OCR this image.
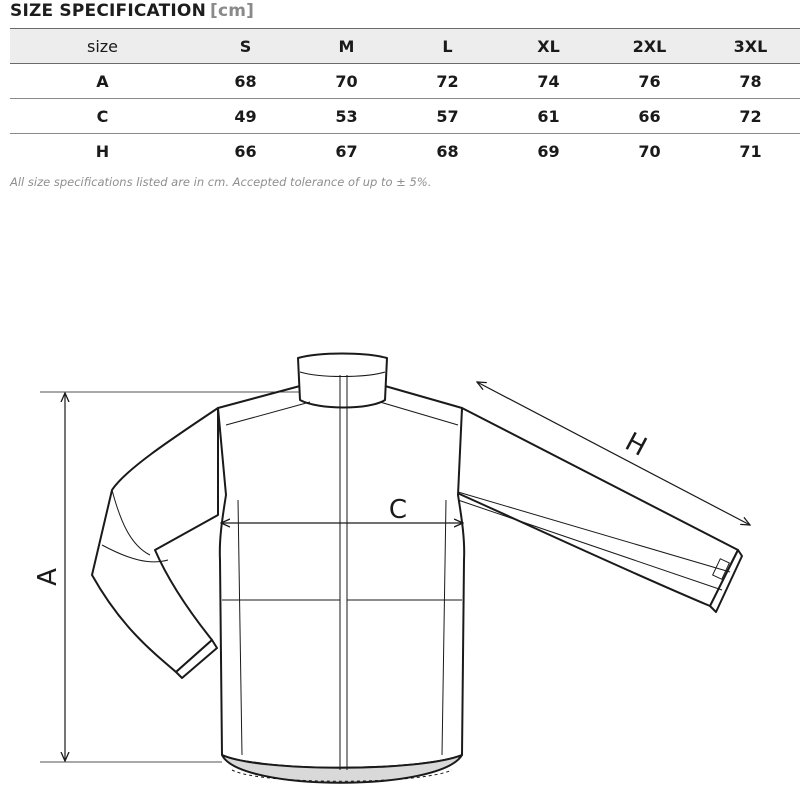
SIZE SPECIFICATION [cm]
size	S	M	L	XL	2XL	3XL
A	68	70	72	74	76	78
C	49	53	57	61	66	72
H	66	67	68	69	70	71

All size specifications listed are in cm. Accepted tolerance of up to ± 5%.

A
C
H
